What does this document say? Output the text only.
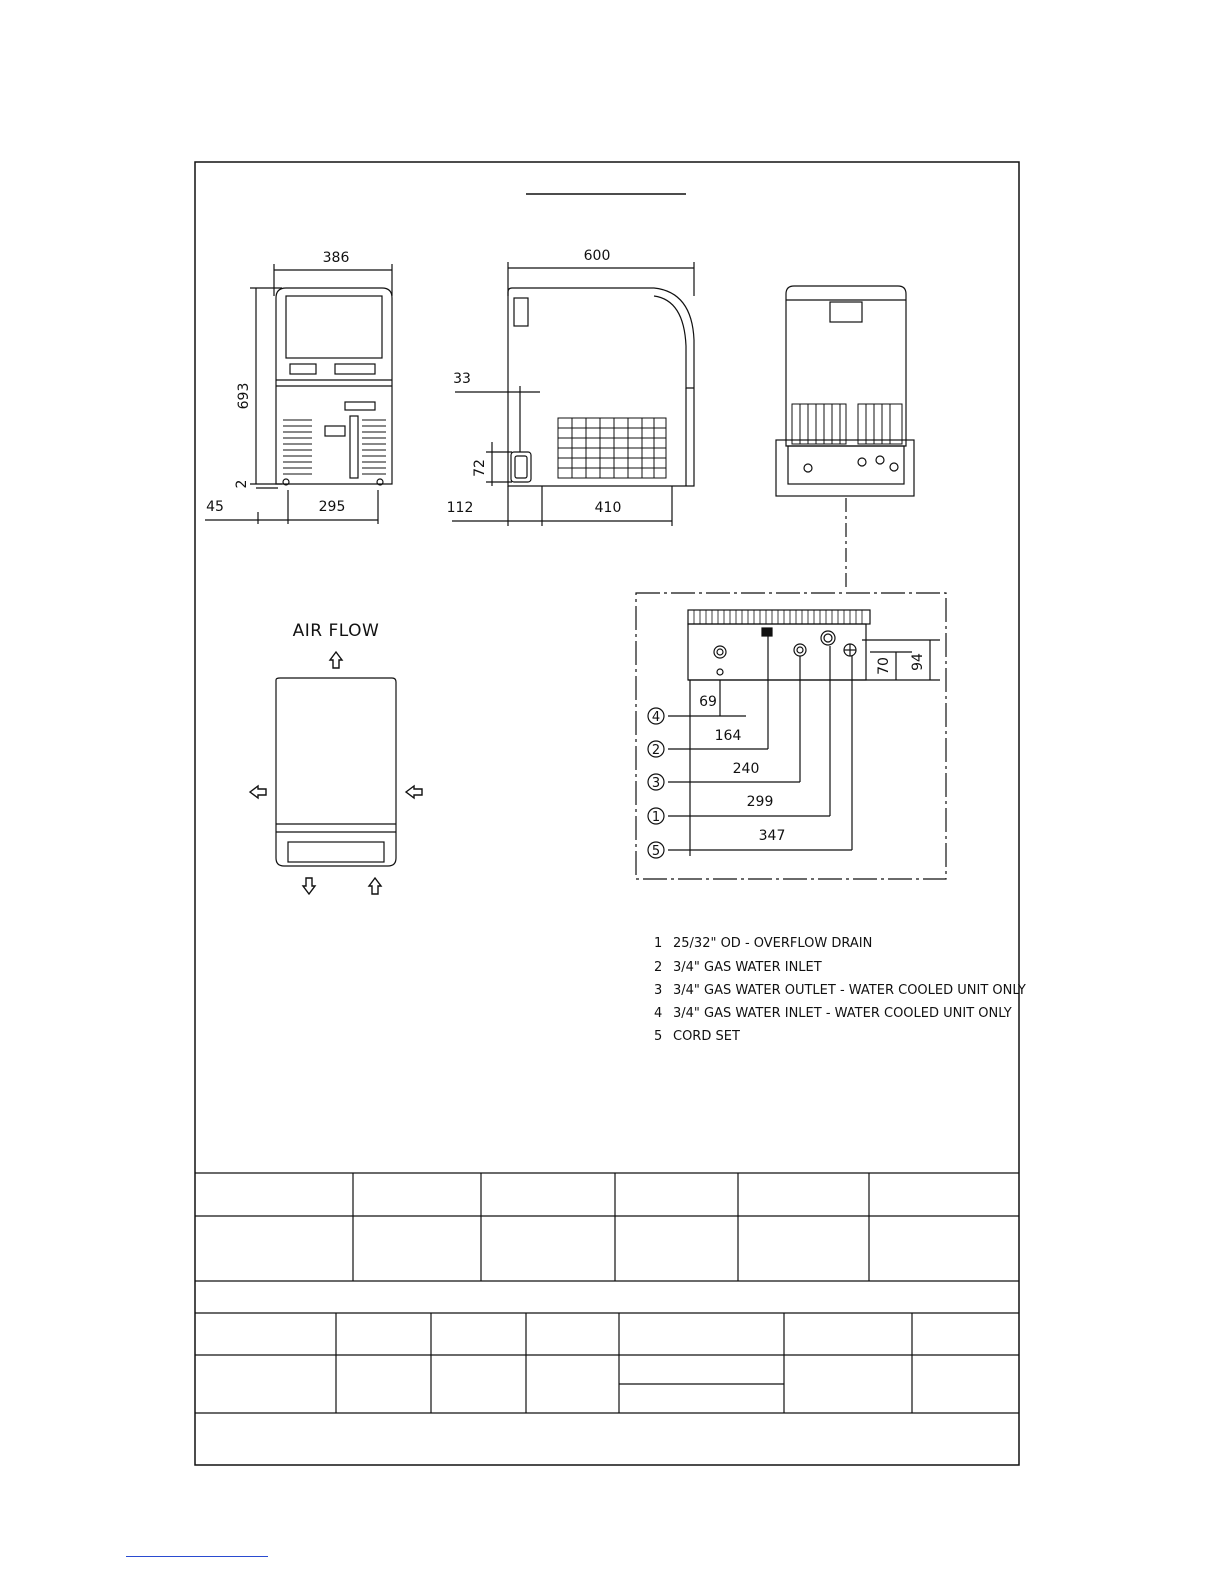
386
693
2
45	295
600
33
72
112	410
AIR FLOW
70 94
4
2
3
1
5
69
164
240
299
347
1 25/32" OD - OVERFLOW DRAIN
2 3/4" GAS WATER INLET
3 3/4" GAS WATER OUTLET - WATER COOLED UNIT ONLY
4 3/4" GAS WATER INLET - WATER COOLED UNIT ONLY
5 CORD SET
